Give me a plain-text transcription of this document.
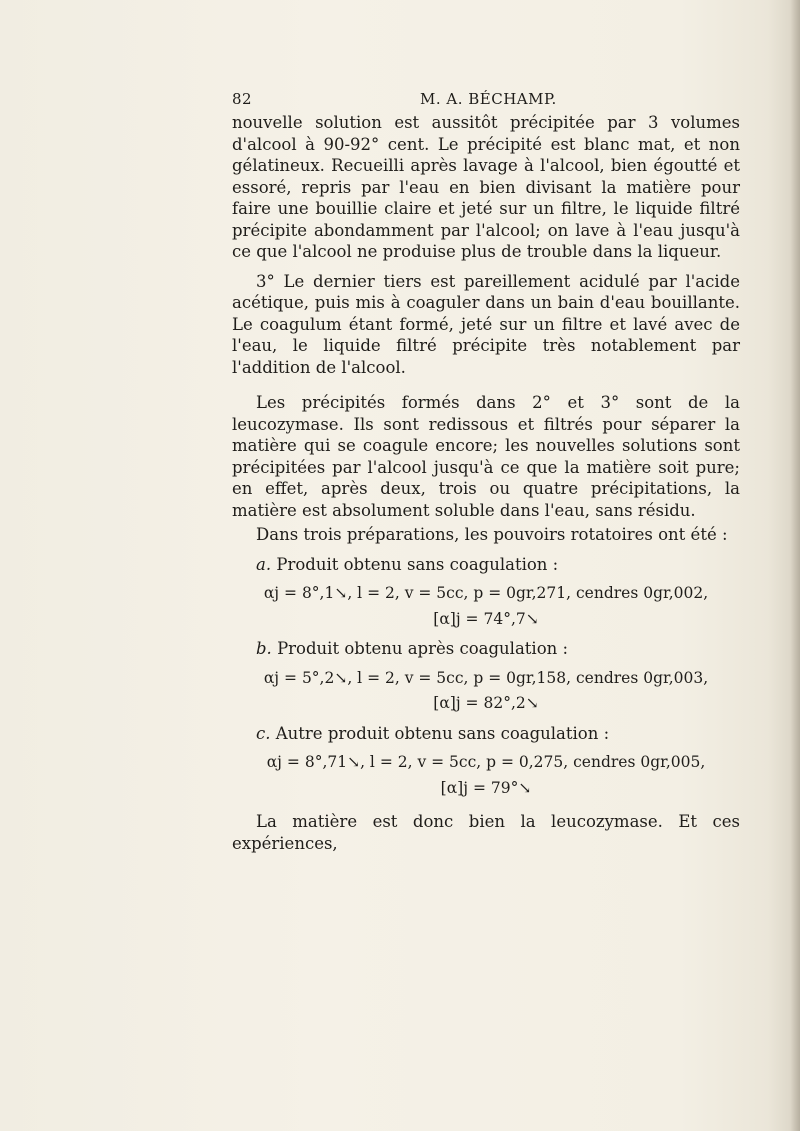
82	M. A. BÉCHAMP.

nouvelle solution est aussitôt précipitée par 3 volumes d'alcool à 90-92° cent. Le précipité est blanc mat, et non gélatineux. Recueilli après lavage à l'alcool, bien égoutté et essoré, repris par l'eau en bien divisant la matière pour faire une bouillie claire et jeté sur un filtre, le liquide filtré précipite abondamment par l'alcool; on lave à l'eau jusqu'à ce que l'alcool ne produise plus de trouble dans la liqueur.

3° Le dernier tiers est pareillement acidulé par l'acide acétique, puis mis à coaguler dans un bain d'eau bouillante. Le coagulum étant formé, jeté sur un filtre et lavé avec de l'eau, le liquide filtré précipite très notablement par l'addition de l'alcool.

Les précipités formés dans 2° et 3° sont de la leucozymase. Ils sont redissous et filtrés pour séparer la matière qui se coagule encore; les nouvelles solutions sont précipitées par l'alcool jusqu'à ce que la matière soit pure; en effet, après deux, trois ou quatre précipitations, la matière est absolument soluble dans l'eau, sans résidu.

Dans trois préparations, les pouvoirs rotatoires ont été :

a. Produit obtenu sans coagulation :

αj = 8°,1↘, l = 2, v = 5cc, p = 0gr,271, cendres 0gr,002,

[α]j = 74°,7↘

b. Produit obtenu après coagulation :

αj = 5°,2↘, l = 2, v = 5cc, p = 0gr,158, cendres 0gr,003,

[α]j = 82°,2↘

c. Autre produit obtenu sans coagulation :

αj = 8°,71↘, l = 2, v = 5cc, p = 0,275, cendres 0gr,005,

[α]j = 79°↘

La matière est donc bien la leucozymase. Et ces expériences,
